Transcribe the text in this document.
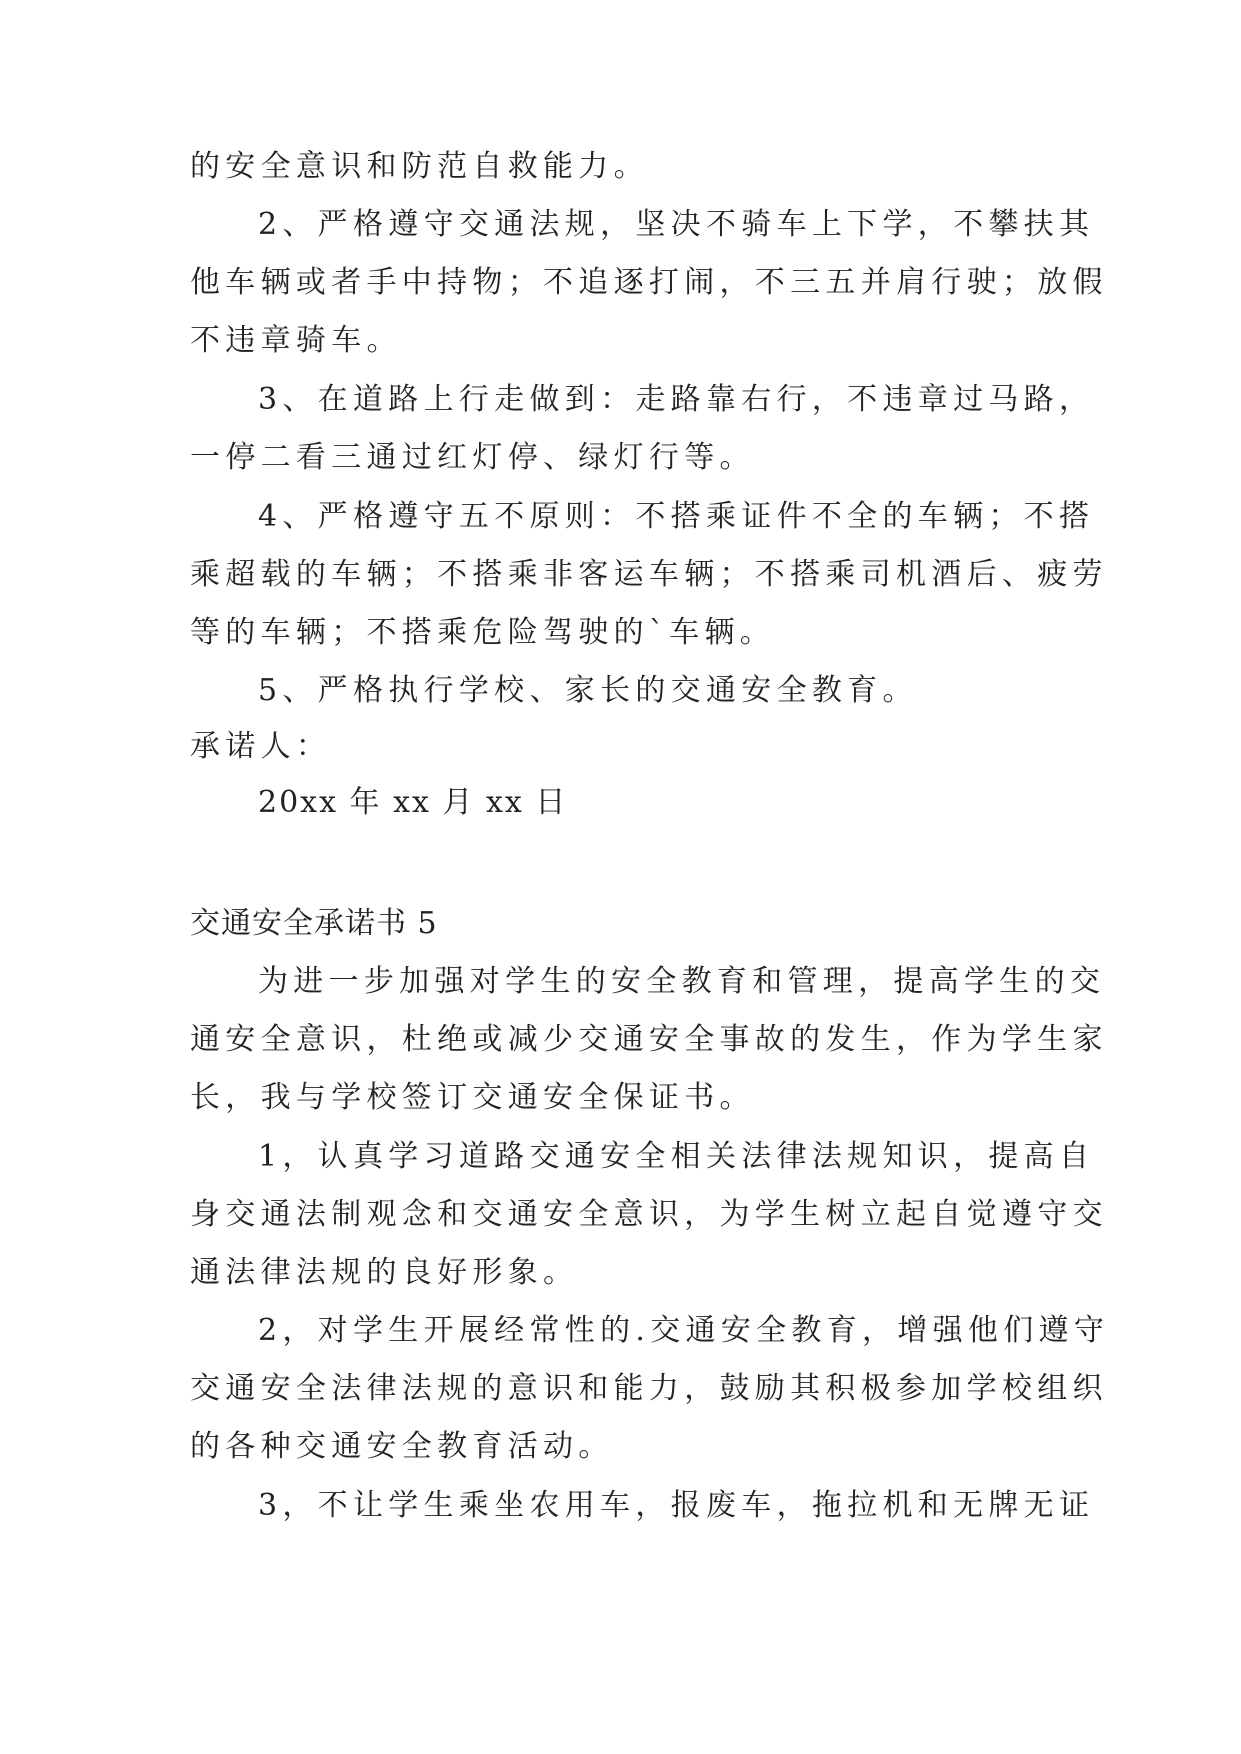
的安全意识和防范自救能力。
2、严格遵守交通法规，坚决不骑车上下学，不攀扶其
他车辆或者手中持物；不追逐打闹，不三五并肩行驶；放假
不违章骑车。
3、在道路上行走做到：走路靠右行，不违章过马路，
一停二看三通过红灯停、绿灯行等。
4、严格遵守五不原则：不搭乘证件不全的车辆；不搭
乘超载的车辆；不搭乘非客运车辆；不搭乘司机酒后、疲劳
等的车辆；不搭乘危险驾驶的`车辆。
5、严格执行学校、家长的交通安全教育。
承诺人：
20xx 年 xx 月 xx 日
交通安全承诺书 5
为进一步加强对学生的安全教育和管理，提高学生的交
通安全意识，杜绝或减少交通安全事故的发生，作为学生家
长，我与学校签订交通安全保证书。
1，认真学习道路交通安全相关法律法规知识，提高自
身交通法制观念和交通安全意识，为学生树立起自觉遵守交
通法律法规的良好形象。
2，对学生开展经常性的.交通安全教育，增强他们遵守
交通安全法律法规的意识和能力，鼓励其积极参加学校组织
的各种交通安全教育活动。
3，不让学生乘坐农用车，报废车，拖拉机和无牌无证
